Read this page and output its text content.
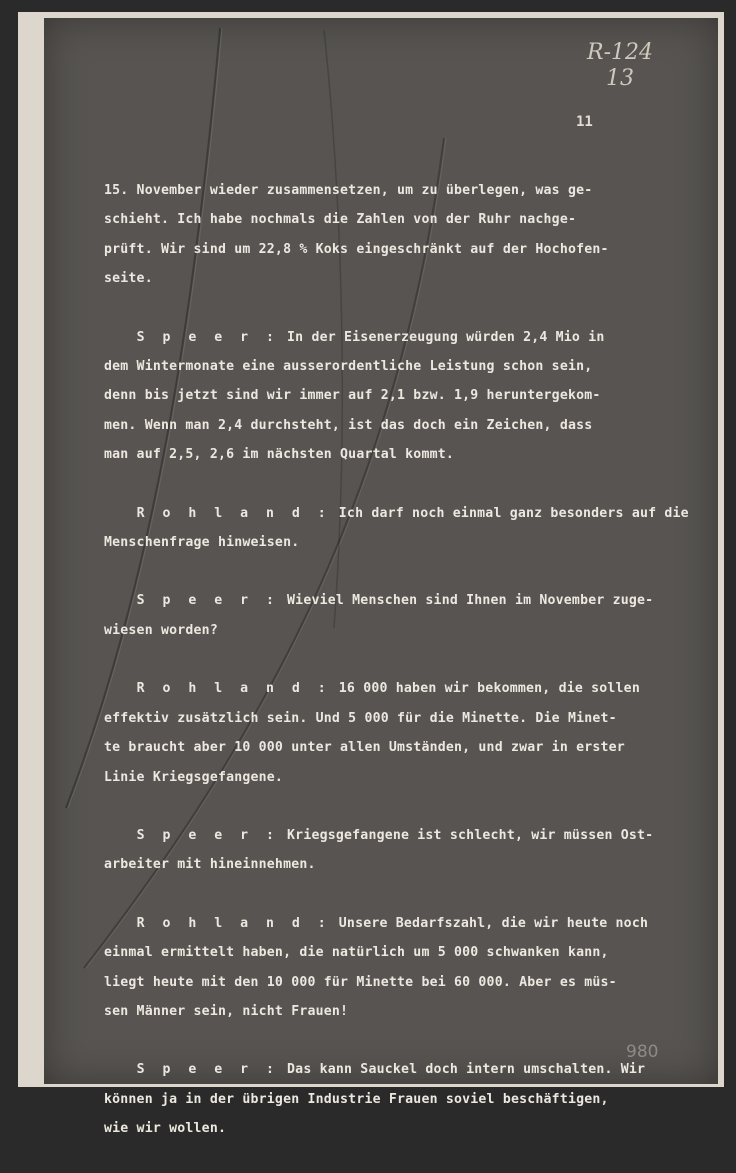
R-124
13
11
15. November wieder zusammensetzen, um zu überlegen, was ge-
schieht. Ich habe nochmals die Zahlen von der Ruhr nachge-
prüft. Wir sind um 22,8 % Koks eingeschränkt auf der Hochofen-
seite.
S p e e r : In der Eisenerzeugung würden 2,4 Mio in
dem Wintermonate eine ausserordentliche Leistung schon sein,
denn bis jetzt sind wir immer auf 2,1 bzw. 1,9 heruntergekom-
men. Wenn man 2,4 durchsteht, ist das doch ein Zeichen, dass
man auf 2,5, 2,6 im nächsten Quartal kommt.
R o h l a n d : Ich darf noch einmal ganz besonders auf die
Menschenfrage hinweisen.
S p e e r : Wieviel Menschen sind Ihnen im November zuge-
wiesen worden?
R o h l a n d : 16 000 haben wir bekommen, die sollen
effektiv zusätzlich sein. Und 5 000 für die Minette. Die Minet-
te braucht aber 10 000 unter allen Umständen, und zwar in erster
Linie Kriegsgefangene.
S p e e r : Kriegsgefangene ist schlecht, wir müssen Ost-
arbeiter mit hineinnehmen.
R o h l a n d : Unsere Bedarfszahl, die wir heute noch
einmal ermittelt haben, die natürlich um 5 000 schwanken kann,
liegt heute mit den 10 000 für Minette bei 60 000. Aber es müs-
sen Männer sein, nicht Frauen!
S p e e r : Das kann Sauckel doch intern umschalten. Wir
können ja in der übrigen Industrie Frauen soviel beschäftigen,
wie wir wollen.
980
